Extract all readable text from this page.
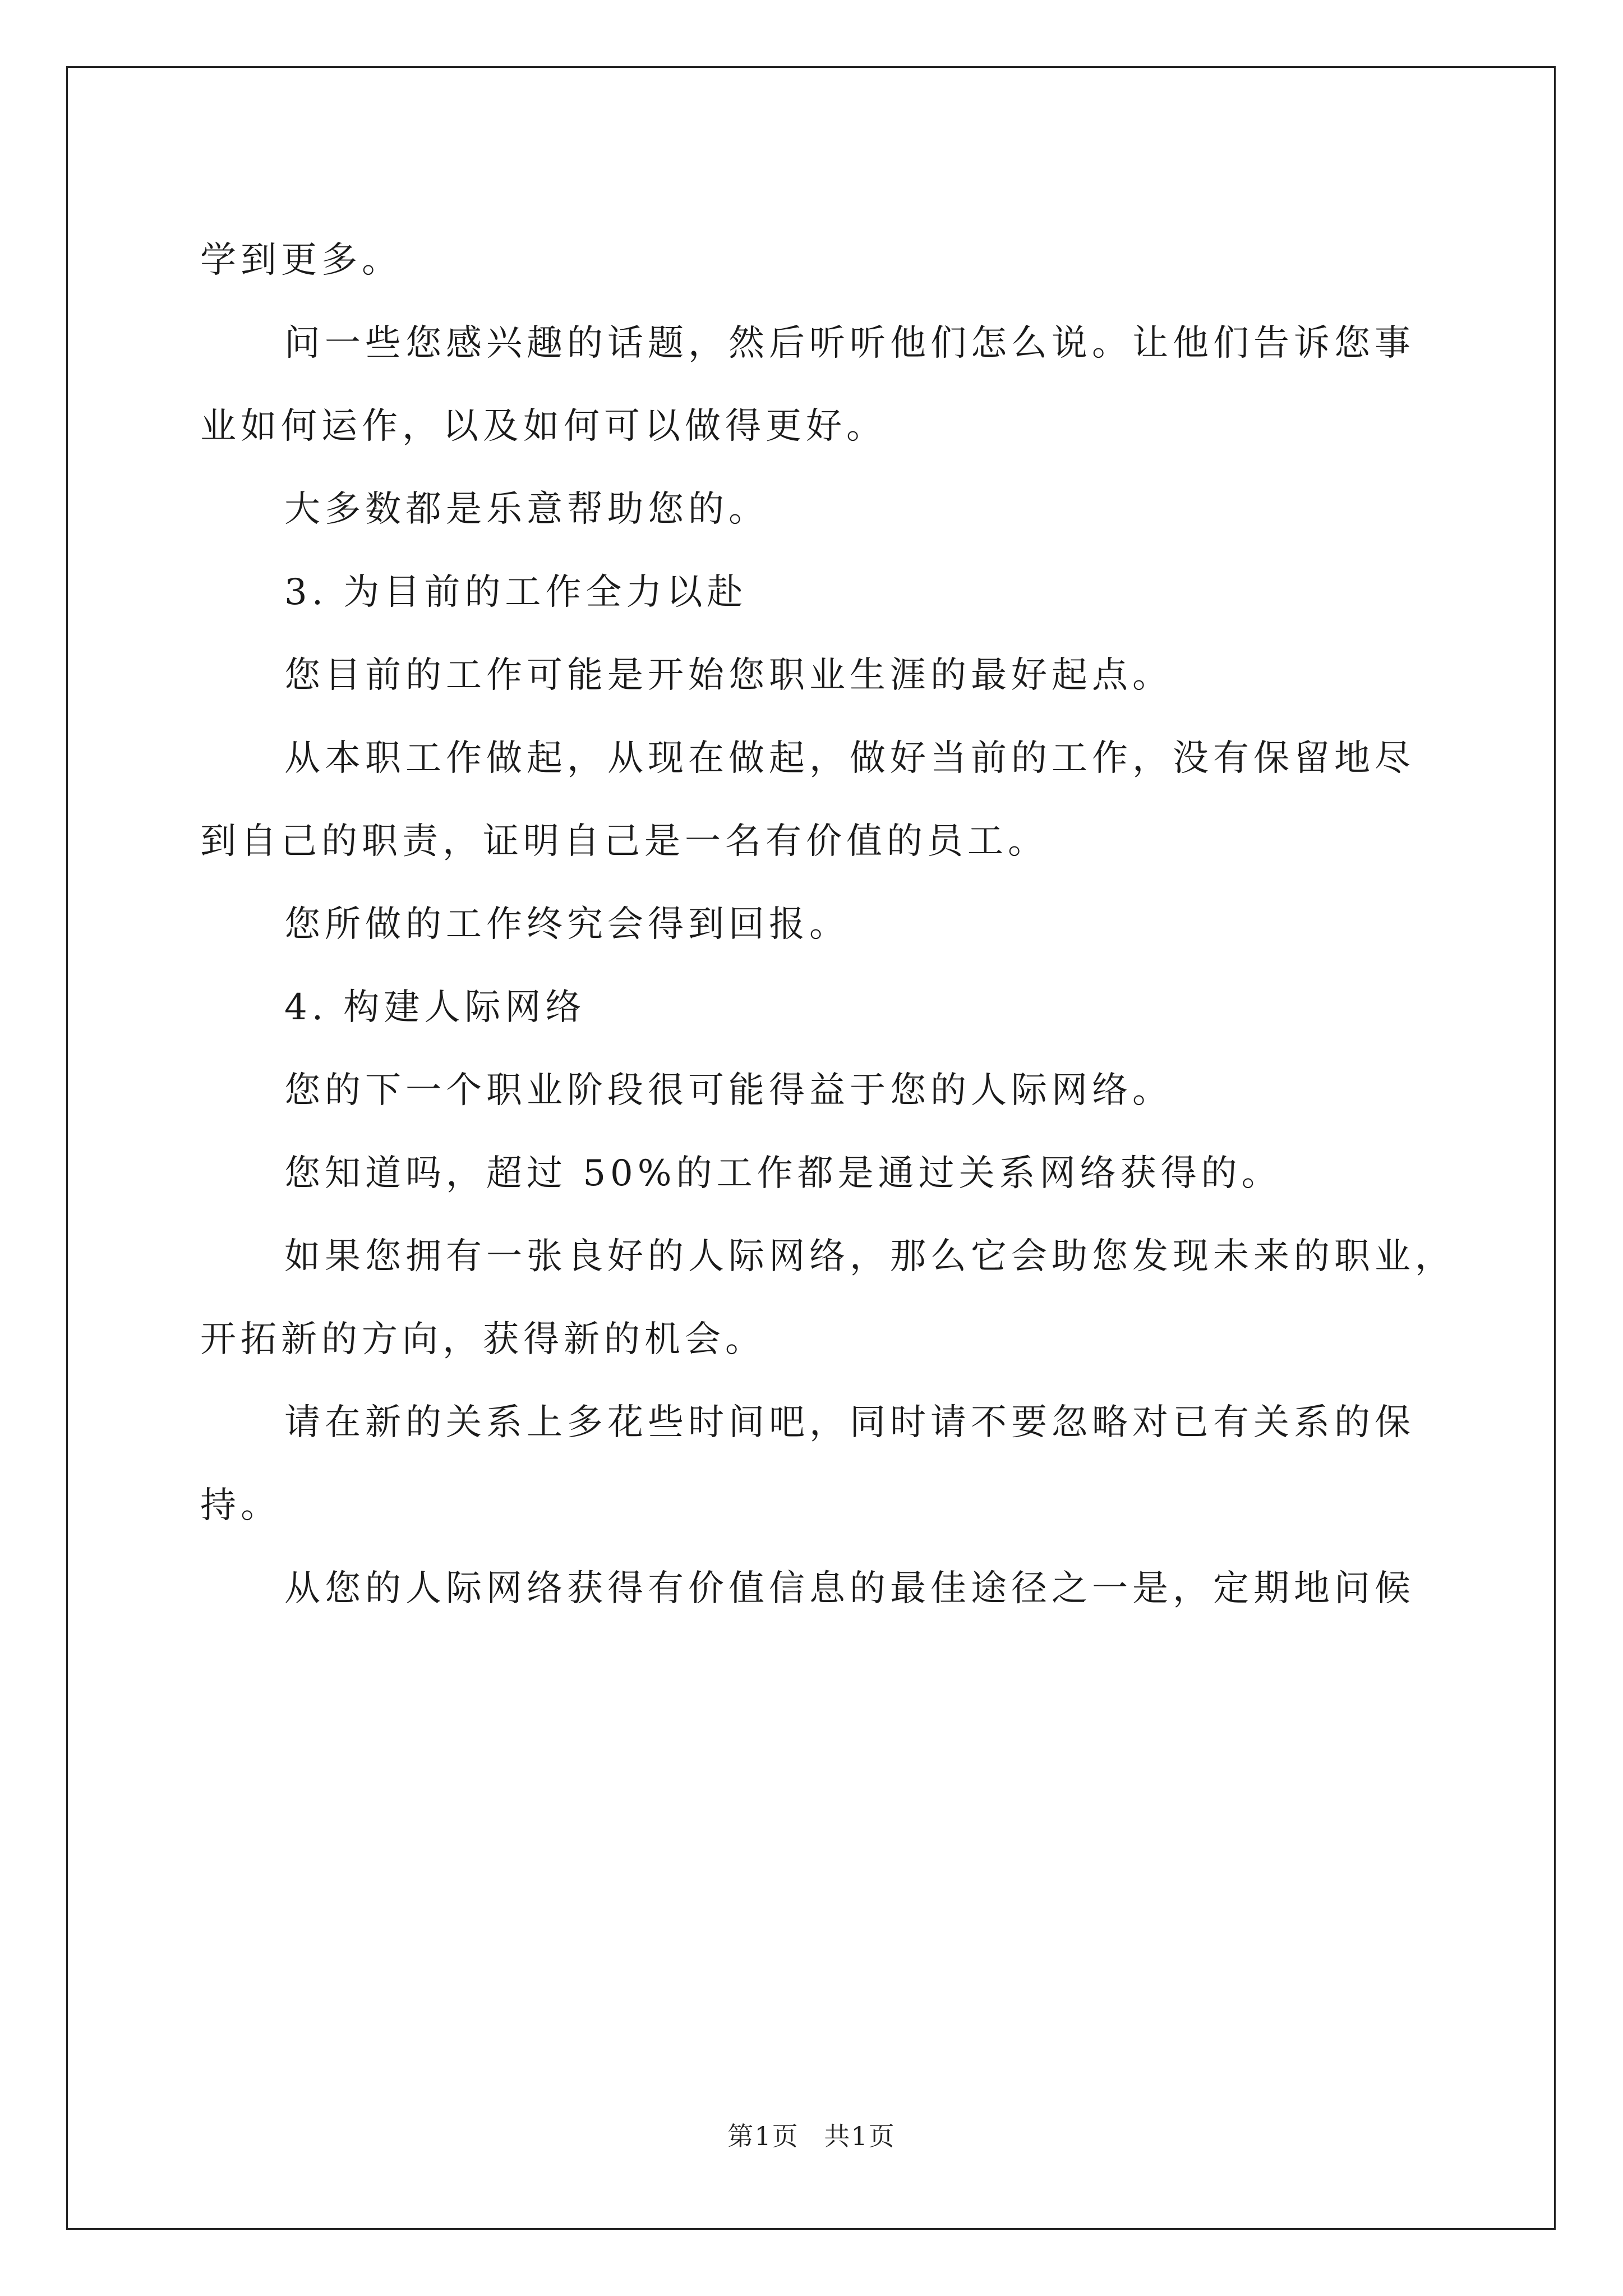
学到更多。

问一些您感兴趣的话题，然后听听他们怎么说。让他们告诉您事

业如何运作，以及如何可以做得更好。

大多数都是乐意帮助您的。

3. 为目前的工作全力以赴

您目前的工作可能是开始您职业生涯的最好起点。

从本职工作做起，从现在做起，做好当前的工作，没有保留地尽

到自己的职责，证明自己是一名有价值的员工。

您所做的工作终究会得到回报。

4. 构建人际网络

您的下一个职业阶段很可能得益于您的人际网络。

您知道吗，超过 50%的工作都是通过关系网络获得的。

如果您拥有一张良好的人际网络，那么它会助您发现未来的职业，

开拓新的方向，获得新的机会。

请在新的关系上多花些时间吧，同时请不要忽略对已有关系的保

持。

从您的人际网络获得有价值信息的最佳途径之一是，定期地问候

第1页 共1页
